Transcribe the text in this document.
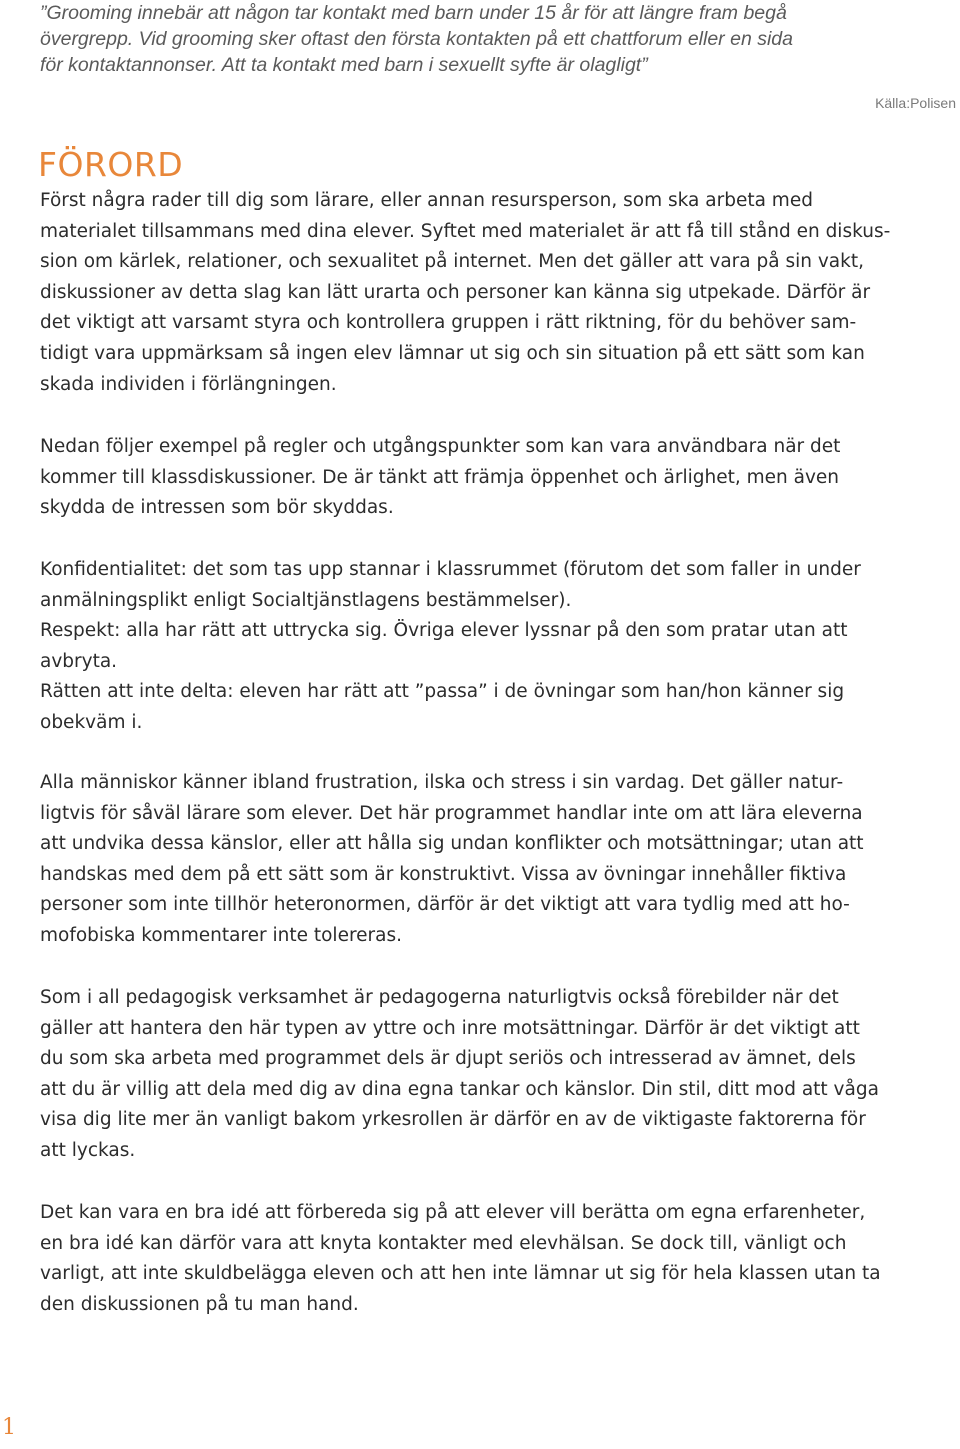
”Grooming innebär att någon tar kontakt med barn under 15 år för att längre fram begå
övergrepp. Vid grooming sker oftast den första kontakten på ett chattforum eller en sida
för kontaktannonser. Att ta kontakt med barn i sexuellt syfte är olagligt”

Källa:Polisen

FÖRORD

Först några rader till dig som lärare, eller annan resursperson, som ska arbeta med
materialet tillsammans med dina elever. Syftet med materialet är att få till stånd en diskus-
sion om kärlek, relationer, och sexualitet på internet. Men det gäller att vara på sin vakt,
diskussioner av detta slag kan lätt urarta och personer kan känna sig utpekade. Därför är
det viktigt att varsamt styra och kontrollera gruppen i rätt riktning, för du behöver sam-
tidigt vara uppmärksam så ingen elev lämnar ut sig och sin situation på ett sätt som kan
skada individen i förlängningen.

Nedan följer exempel på regler och utgångspunkter som kan vara användbara när det
kommer till klassdiskussioner. De är tänkt att främja öppenhet och ärlighet, men även
skydda de intressen som bör skyddas.

Konfidentialitet: det som tas upp stannar i klassrummet (förutom det som faller in under
anmälningsplikt enligt Socialtjänstlagens bestämmelser).
Respekt: alla har rätt att uttrycka sig. Övriga elever lyssnar på den som pratar utan att
avbryta.
Rätten att inte delta: eleven har rätt att ”passa” i de övningar som han/hon känner sig
obekväm i.

Alla människor känner ibland frustration, ilska och stress i sin vardag. Det gäller natur-
ligtvis för såväl lärare som elever. Det här programmet handlar inte om att lära eleverna
att undvika dessa känslor, eller att hålla sig undan konflikter och motsättningar; utan att
handskas med dem på ett sätt som är konstruktivt. Vissa av övningar innehåller fiktiva
personer som inte tillhör heteronormen, därför är det viktigt att vara tydlig med att ho-
mofobiska kommentarer inte tolereras.

Som i all pedagogisk verksamhet är pedagogerna naturligtvis också förebilder när det
gäller att hantera den här typen av yttre och inre motsättningar. Därför är det viktigt att
du som ska arbeta med programmet dels är djupt seriös och intresserad av ämnet, dels
att du är villig att dela med dig av dina egna tankar och känslor. Din stil, ditt mod att våga
visa dig lite mer än vanligt bakom yrkesrollen är därför en av de viktigaste faktorerna för
att lyckas.

Det kan vara en bra idé att förbereda sig på att elever vill berätta om egna erfarenheter,
en bra idé kan därför vara att knyta kontakter med elevhälsan. Se dock till, vänligt och
varligt, att inte skuldbelägga eleven och att hen inte lämnar ut sig för hela klassen utan ta
den diskussionen på tu man hand.

1
